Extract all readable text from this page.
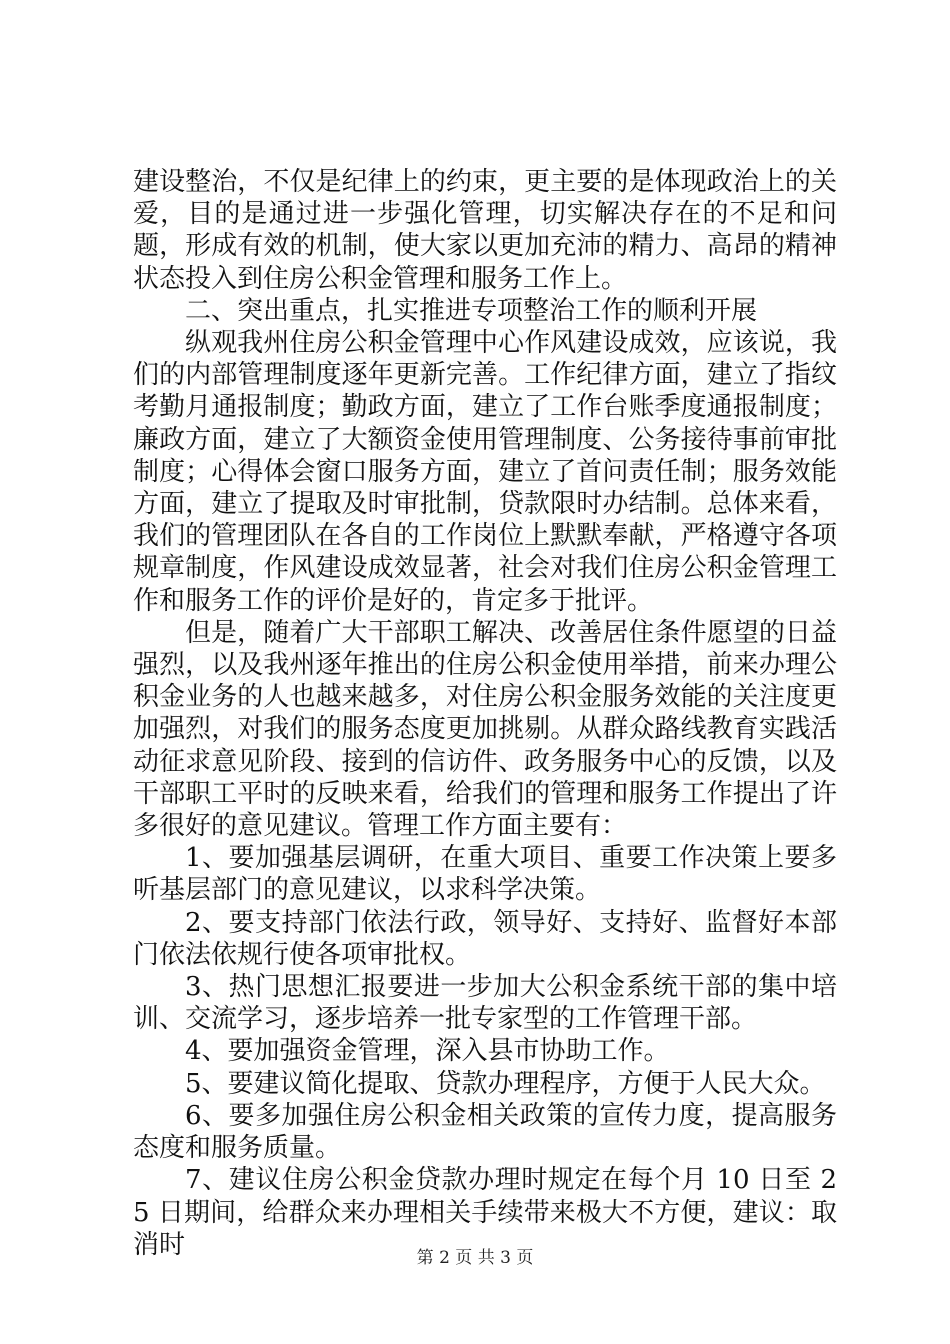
建设整治，不仅是纪律上的约束，更主要的是体现政治上的关爱，目的是通过进一步强化管理，切实解决存在的不足和问题，形成有效的机制，使大家以更加充沛的精力、高昂的精神状态投入到住房公积金管理和服务工作上。

二、突出重点，扎实推进专项整治工作的顺利开展

纵观我州住房公积金管理中心作风建设成效，应该说，我们的内部管理制度逐年更新完善。工作纪律方面，建立了指纹考勤月通报制度；勤政方面，建立了工作台账季度通报制度；廉政方面，建立了大额资金使用管理制度、公务接待事前审批制度；心得体会窗口服务方面，建立了首问责任制；服务效能方面，建立了提取及时审批制，贷款限时办结制。总体来看，我们的管理团队在各自的工作岗位上默默奉献，严格遵守各项规章制度，作风建设成效显著，社会对我们住房公积金管理工作和服务工作的评价是好的，肯定多于批评。

但是，随着广大干部职工解决、改善居住条件愿望的日益强烈，以及我州逐年推出的住房公积金使用举措，前来办理公积金业务的人也越来越多，对住房公积金服务效能的关注度更加强烈，对我们的服务态度更加挑剔。从群众路线教育实践活动征求意见阶段、接到的信访件、政务服务中心的反馈，以及干部职工平时的反映来看，给我们的管理和服务工作提出了许多很好的意见建议。管理工作方面主要有：

1、要加强基层调研，在重大项目、重要工作决策上要多听基层部门的意见建议，以求科学决策。

2、要支持部门依法行政，领导好、支持好、监督好本部门依法依规行使各项审批权。

3、热门思想汇报要进一步加大公积金系统干部的集中培训、交流学习，逐步培养一批专家型的工作管理干部。

4、要加强资金管理，深入县市协助工作。

5、要建议简化提取、贷款办理程序，方便于人民大众。

6、要多加强住房公积金相关政策的宣传力度，提高服务态度和服务质量。

7、建议住房公积金贷款办理时规定在每个月 10 日至 25 日期间，给群众来办理相关手续带来极大不方便，建议：取消时	第 2 页 共 3 页
